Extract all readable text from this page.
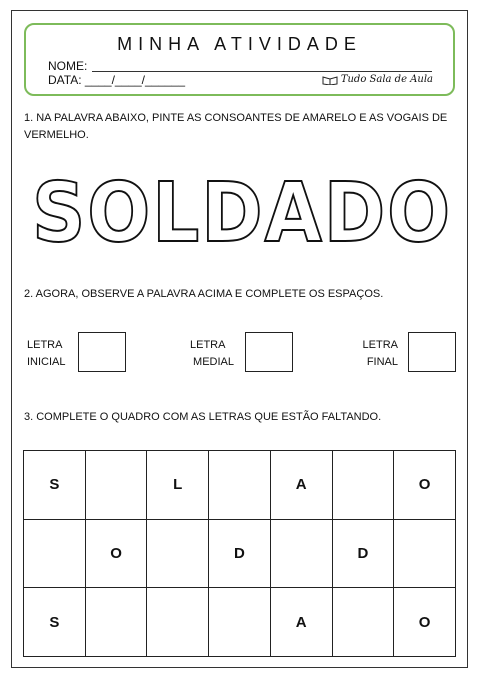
MINHA ATIVIDADE
NOME:
DATA: ____/____/______	Tudo Sala de Aula
1. NA PALAVRA ABAIXO, PINTE AS CONSOANTES DE AMARELO E AS VOGAIS DE VERMELHO.
SOLDADO
2. AGORA, OBSERVE A PALAVRA ACIMA E COMPLETE OS ESPAÇOS.
LETRA
INICIAL
LETRA
MEDIAL
LETRA
FINAL
3. COMPLETE O QUADRO COM AS LETRAS QUE ESTÃO FALTANDO.
S		L		A		O
	O		D		D	
S				A		O
